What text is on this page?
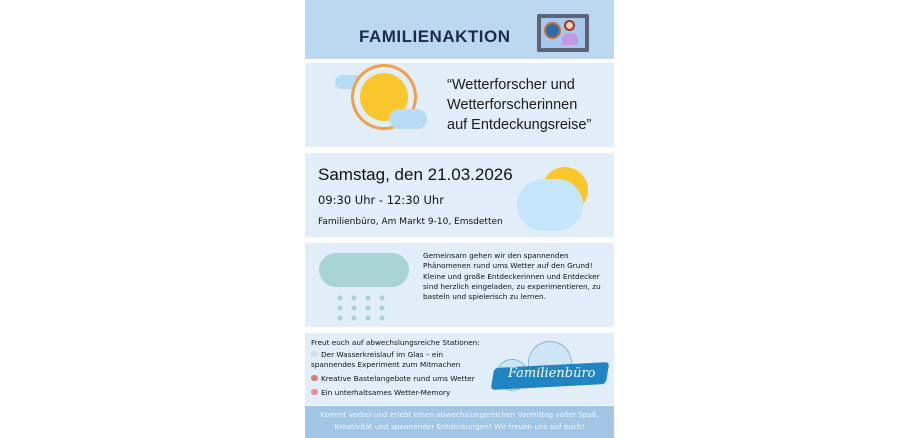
FAMILIENAKTION
“Wetterforscher und
Wetterforscherinnen
auf Entdeckungsreise”
Samstag, den 21.03.2026
09:30 Uhr - 12:30 Uhr
Familienbüro, Am Markt 9-10, Emsdetten
Gemeinsam gehen wir den spannenden Phänomenen rund ums Wetter auf den Grund! Kleine und große Entdeckerinnen und Entdecker sind herzlich eingeladen, zu experimentieren, zu basteln und spielerisch zu lernen.
Freut euch auf abwechslungsreiche Stationen:
Der Wasserkreislauf im Glas – ein spannendes Experiment zum Mitmachen
Kreative Bastelangebote rund ums Wetter
Ein unterhaltsames Wetter-Memory
Familienbüro
Kommt vorbei und erlebt einen abwechslungsreichen Vormittag voller Spaß,
Kreativität und spannender Entdeckungen! Wir freuen uns auf euch!
